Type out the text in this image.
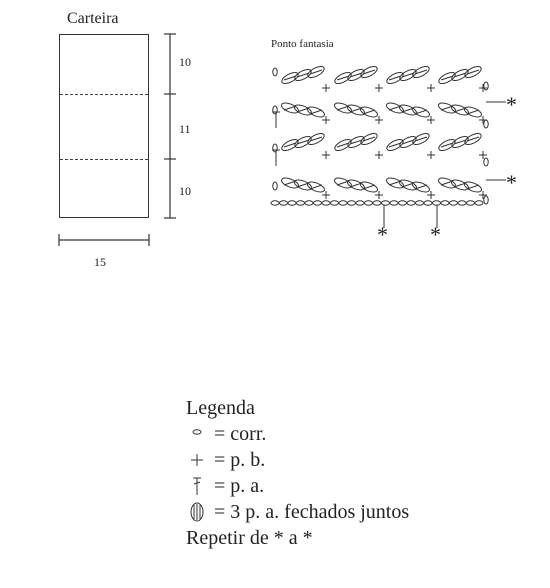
Carteira
10
11
10
15
Ponto fantasia
*
*
* *
Legenda
= corr.
= p. b.
= p. a.
= 3 p. a. fechados juntos
Repetir de * a *
